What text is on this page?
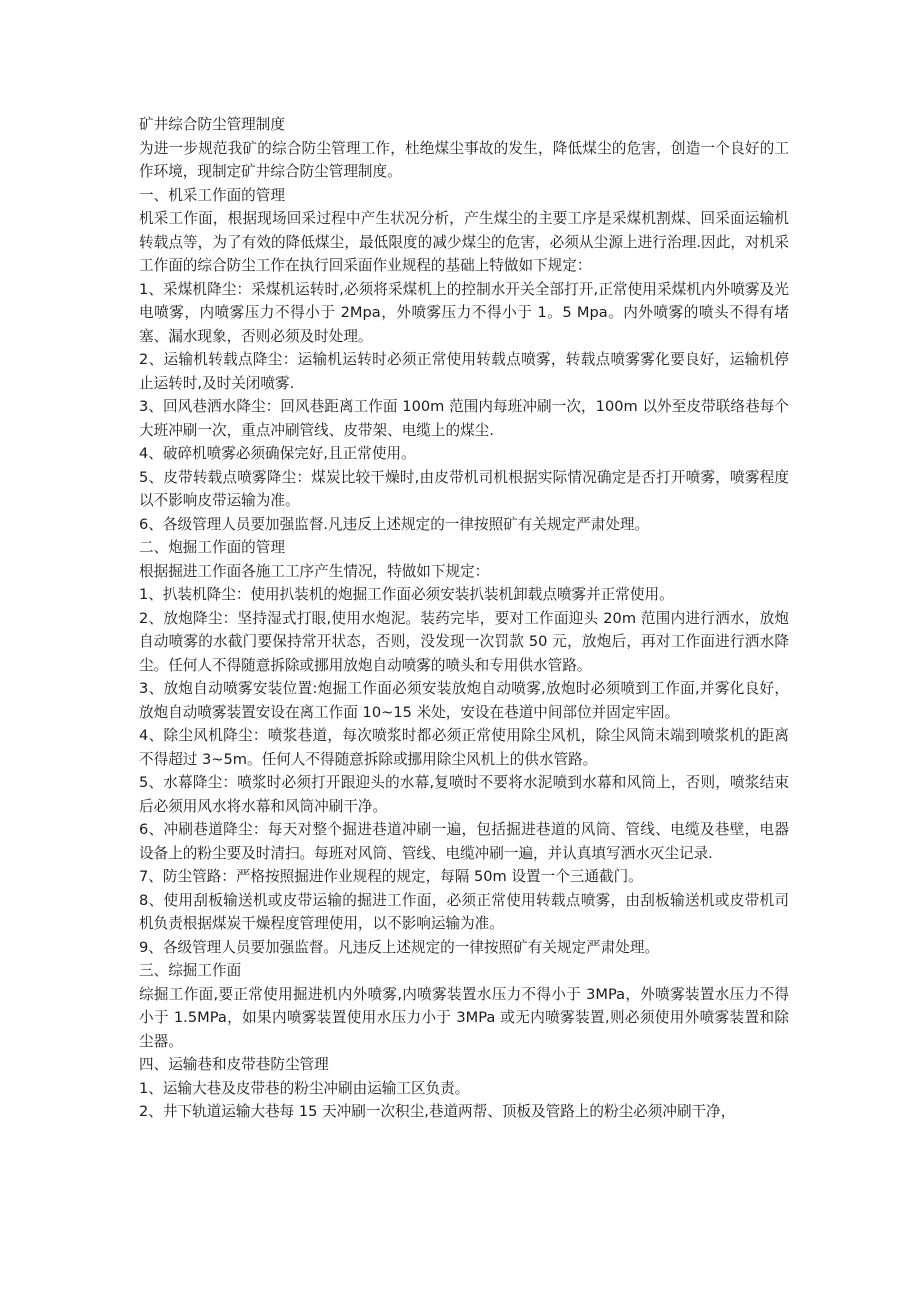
矿井综合防尘管理制度

为进一步规范我矿的综合防尘管理工作，杜绝煤尘事故的发生，降低煤尘的危害，创造一个良好的工作环境，现制定矿井综合防尘管理制度。

一、机采工作面的管理

机采工作面，根据现场回采过程中产生状况分析，产生煤尘的主要工序是采煤机割煤、回采面运输机转载点等，为了有效的降低煤尘，最低限度的减少煤尘的危害，必须从尘源上进行治理.因此，对机采工作面的综合防尘工作在执行回采面作业规程的基础上特做如下规定：

1、采煤机降尘：采煤机运转时,必须将采煤机上的控制水开关全部打开,正常使用采煤机内外喷雾及光电喷雾，内喷雾压力不得小于 2Mpa，外喷雾压力不得小于 1。5 Mpa。内外喷雾的喷头不得有堵塞、漏水现象，否则必须及时处理。

2、运输机转载点降尘：运输机运转时必须正常使用转载点喷雾，转载点喷雾雾化要良好，运输机停止运转时,及时关闭喷雾.

3、回风巷洒水降尘：回风巷距离工作面 100m 范围内每班冲刷一次，100m 以外至皮带联络巷每个大班冲刷一次，重点冲刷管线、皮带架、电缆上的煤尘.

4、破碎机喷雾必须确保完好,且正常使用。

5、皮带转载点喷雾降尘：煤炭比较干燥时,由皮带机司机根据实际情况确定是否打开喷雾，喷雾程度以不影响皮带运输为准。

6、各级管理人员要加强监督.凡违反上述规定的一律按照矿有关规定严肃处理。

二、炮掘工作面的管理

根据掘进工作面各施工工序产生情况，特做如下规定：

1、扒装机降尘：使用扒装机的炮掘工作面必须安装扒装机卸载点喷雾并正常使用。

2、放炮降尘：坚持湿式打眼,使用水炮泥。装药完毕，要对工作面迎头 20m 范围内进行洒水，放炮自动喷雾的水截门要保持常开状态，否则，没发现一次罚款 50 元，放炮后，再对工作面进行洒水降尘。任何人不得随意拆除或挪用放炮自动喷雾的喷头和专用供水管路。

3、放炮自动喷雾安装位置:炮掘工作面必须安装放炮自动喷雾,放炮时必须喷到工作面,并雾化良好，放炮自动喷雾装置安设在离工作面 10~15 米处，安设在巷道中间部位并固定牢固。

4、除尘风机降尘：喷浆巷道，每次喷浆时都必须正常使用除尘风机，除尘风筒末端到喷浆机的距离不得超过 3~5m。任何人不得随意拆除或挪用除尘风机上的供水管路。

5、水幕降尘：喷浆时必须打开跟迎头的水幕,复喷时不要将水泥喷到水幕和风筒上，否则，喷浆结束后必须用风水将水幕和风筒冲刷干净。

6、冲刷巷道降尘：每天对整个掘进巷道冲刷一遍，包括掘进巷道的风筒、管线、电缆及巷壁，电器设备上的粉尘要及时清扫。每班对风筒、管线、电缆冲刷一遍，并认真填写洒水灭尘记录.

7、防尘管路：严格按照掘进作业规程的规定，每隔 50m 设置一个三通截门。

8、使用刮板输送机或皮带运输的掘进工作面，必须正常使用转载点喷雾，由刮板输送机或皮带机司机负责根据煤炭干燥程度管理使用，以不影响运输为准。

9、各级管理人员要加强监督。凡违反上述规定的一律按照矿有关规定严肃处理。

三、综掘工作面

综掘工作面,要正常使用掘进机内外喷雾,内喷雾装置水压力不得小于 3MPa，外喷雾装置水压力不得小于 1.5MPa，如果内喷雾装置使用水压力小于 3MPa 或无内喷雾装置,则必须使用外喷雾装置和除尘器。

四、运输巷和皮带巷防尘管理

1、运输大巷及皮带巷的粉尘冲刷由运输工区负责。

2、井下轨道运输大巷每 15 天冲刷一次积尘,巷道两帮、顶板及管路上的粉尘必须冲刷干净，
